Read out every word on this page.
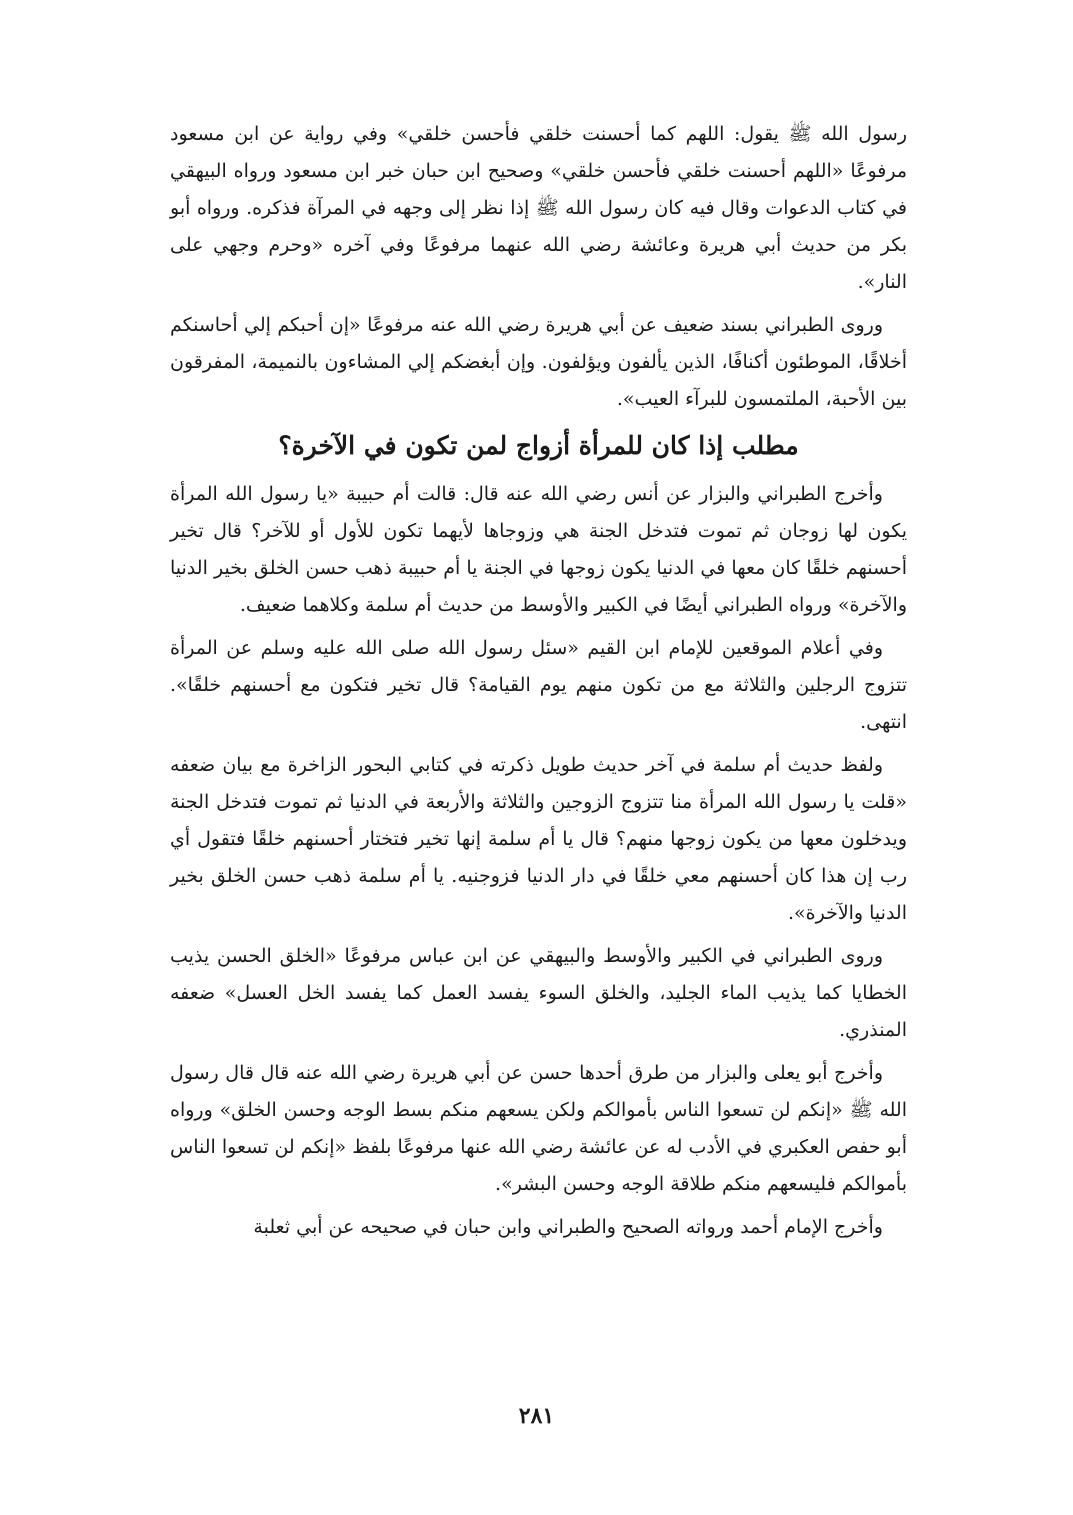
رسول الله ﷺ يقول: اللهم كما أحسنت خلقي فأحسن خلقي» وفي رواية عن ابن مسعود مرفوعًا «اللهم أحسنت خلقي فأحسن خلقي» وصحيح ابن حبان خبر ابن مسعود ورواه البيهقي في كتاب الدعوات وقال فيه كان رسول الله ﷺ إذا نظر إلى وجهه في المرآة فذكره. ورواه أبو بكر من حديث أبي هريرة وعائشة رضي الله عنهما مرفوعًا وفي آخره «وحرم وجهي على النار».

وروى الطبراني بسند ضعيف عن أبي هريرة رضي الله عنه مرفوعًا «إن أحبكم إلي أحاسنكم أخلاقًا، الموطئون أكنافًا، الذين يألفون ويؤلفون. وإن أبغضكم إلي المشاءون بالنميمة، المفرقون بين الأحبة، الملتمسون للبرآء العيب».

مطلب إذا كان للمرأة أزواج لمن تكون في الآخرة؟

وأخرج الطبراني والبزار عن أنس رضي الله عنه قال: قالت أم حبيبة «يا رسول الله المرأة يكون لها زوجان ثم تموت فتدخل الجنة هي وزوجاها لأيهما تكون للأول أو للآخر؟ قال تخير أحسنهم خلقًا كان معها في الدنيا يكون زوجها في الجنة يا أم حبيبة ذهب حسن الخلق بخير الدنيا والآخرة» ورواه الطبراني أيضًا في الكبير والأوسط من حديث أم سلمة وكلاهما ضعيف.

وفي أعلام الموقعين للإمام ابن القيم «سئل رسول الله صلى الله عليه وسلم عن المرأة تتزوج الرجلين والثلاثة مع من تكون منهم يوم القيامة؟ قال تخير فتكون مع أحسنهم خلقًا». انتهى.

ولفظ حديث أم سلمة في آخر حديث طويل ذكرته في كتابي البحور الزاخرة مع بيان ضعفه «قلت يا رسول الله المرأة منا تتزوج الزوجين والثلاثة والأربعة في الدنيا ثم تموت فتدخل الجنة ويدخلون معها من يكون زوجها منهم؟ قال يا أم سلمة إنها تخير فتختار أحسنهم خلقًا فتقول أي رب إن هذا كان أحسنهم معي خلقًا في دار الدنيا فزوجنيه. يا أم سلمة ذهب حسن الخلق بخير الدنيا والآخرة».

وروى الطبراني في الكبير والأوسط والبيهقي عن ابن عباس مرفوعًا «الخلق الحسن يذيب الخطايا كما يذيب الماء الجليد، والخلق السوء يفسد العمل كما يفسد الخل العسل» ضعفه المنذري.

وأخرج أبو يعلى والبزار من طرق أحدها حسن عن أبي هريرة رضي الله عنه قال قال رسول الله ﷺ «إنكم لن تسعوا الناس بأموالكم ولكن يسعهم منكم بسط الوجه وحسن الخلق» ورواه أبو حفص العكبري في الأدب له عن عائشة رضي الله عنها مرفوعًا بلفظ «إنكم لن تسعوا الناس بأموالكم فليسعهم منكم طلاقة الوجه وحسن البشر».

وأخرج الإمام أحمد ورواته الصحيح والطبراني وابن حبان في صحيحه عن أبي ثعلبة

٢٨١
